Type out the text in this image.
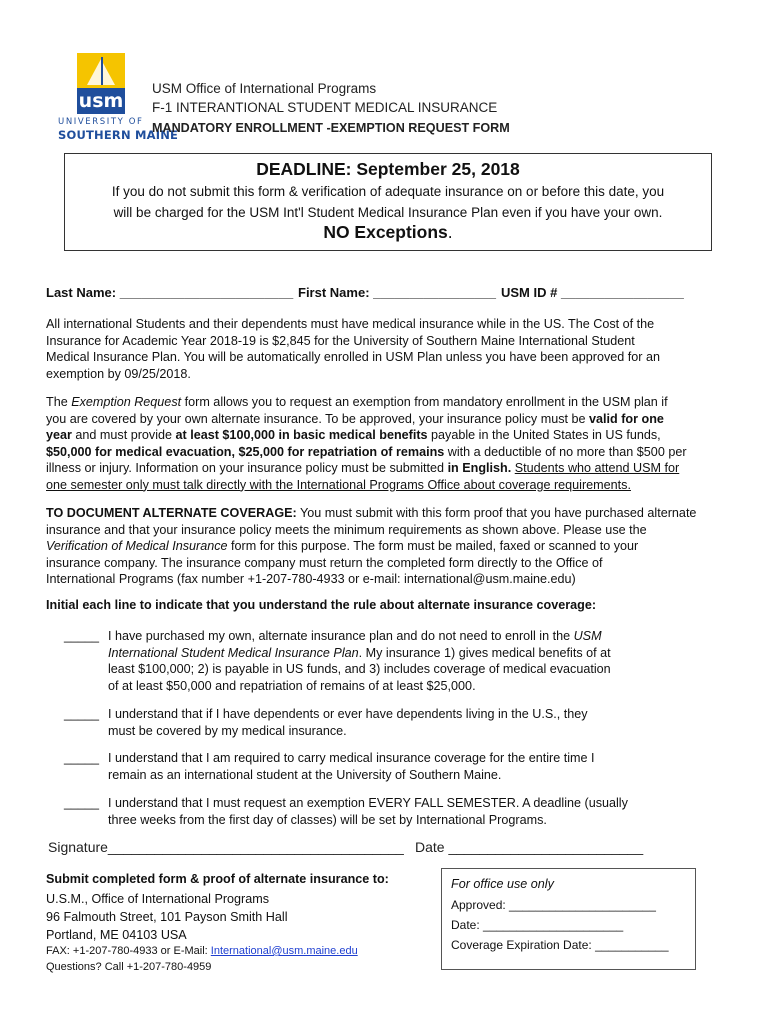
usm
UNIVERSITY OF
SOUTHERN MAINE
USM Office of International Programs
F-1 INTERANTIONAL STUDENT MEDICAL INSURANCE
MANDATORY ENROLLMENT -EXEMPTION REQUEST FORM
DEADLINE: September 25, 2018
If you do not submit this form & verification of adequate insurance on or before this date, you
will be charged for the USM Int'l Student Medical Insurance Plan even if you have your own.
NO Exceptions.
Last Name: ________________________ First Name: _________________ USM ID # _________________
All international Students and their dependents must have medical insurance while in the US. The Cost of the
Insurance for Academic Year 2018-19 is $2,845 for the University of Southern Maine International Student
Medical Insurance Plan. You will be automatically enrolled in USM Plan unless you have been approved for an
exemption by 09/25/2018.
The Exemption Request form allows you to request an exemption from mandatory enrollment in the USM plan if
you are covered by your own alternate insurance. To be approved, your insurance policy must be valid for one
year and must provide at least $100,000 in basic medical benefits payable in the United States in US funds,
$50,000 for medical evacuation, $25,000 for repatriation of remains with a deductible of no more than $500 per
illness or injury. Information on your insurance policy must be submitted in English. Students who attend USM for
one semester only must talk directly with the International Programs Office about coverage requirements.
TO DOCUMENT ALTERNATE COVERAGE: You must submit with this form proof that you have purchased alternate
insurance and that your insurance policy meets the minimum requirements as shown above. Please use the
Verification of Medical Insurance form for this purpose. The form must be mailed, faxed or scanned to your
insurance company. The insurance company must return the completed form directly to the Office of
International Programs (fax number +1-207-780-4933 or e-mail: international@usm.maine.edu)
Initial each line to indicate that you understand the rule about alternate insurance coverage:
_____ I have purchased my own, alternate insurance plan and do not need to enroll in the USM
International Student Medical Insurance Plan. My insurance 1) gives medical benefits of at
least $100,000; 2) is payable in US funds, and 3) includes coverage of medical evacuation
of at least $50,000 and repatriation of remains of at least $25,000.
_____ I understand that if I have dependents or ever have dependents living in the U.S., they
must be covered by my medical insurance.
_____ I understand that I am required to carry medical insurance coverage for the entire time I
remain as an international student at the University of Southern Maine.
_____ I understand that I must request an exemption EVERY FALL SEMESTER. A deadline (usually
three weeks from the first day of classes) will be set by International Programs.
Signature______________________________________ Date _________________________
Submit completed form & proof of alternate insurance to:
U.S.M., Office of International Programs
96 Falmouth Street, 101 Payson Smith Hall
Portland, ME 04103 USA
FAX: +1-207-780-4933 or E-Mail: International@usm.maine.edu
Questions? Call +1-207-780-4959
For office use only
Approved: ______________________
Date: _____________________
Coverage Expiration Date: ___________
